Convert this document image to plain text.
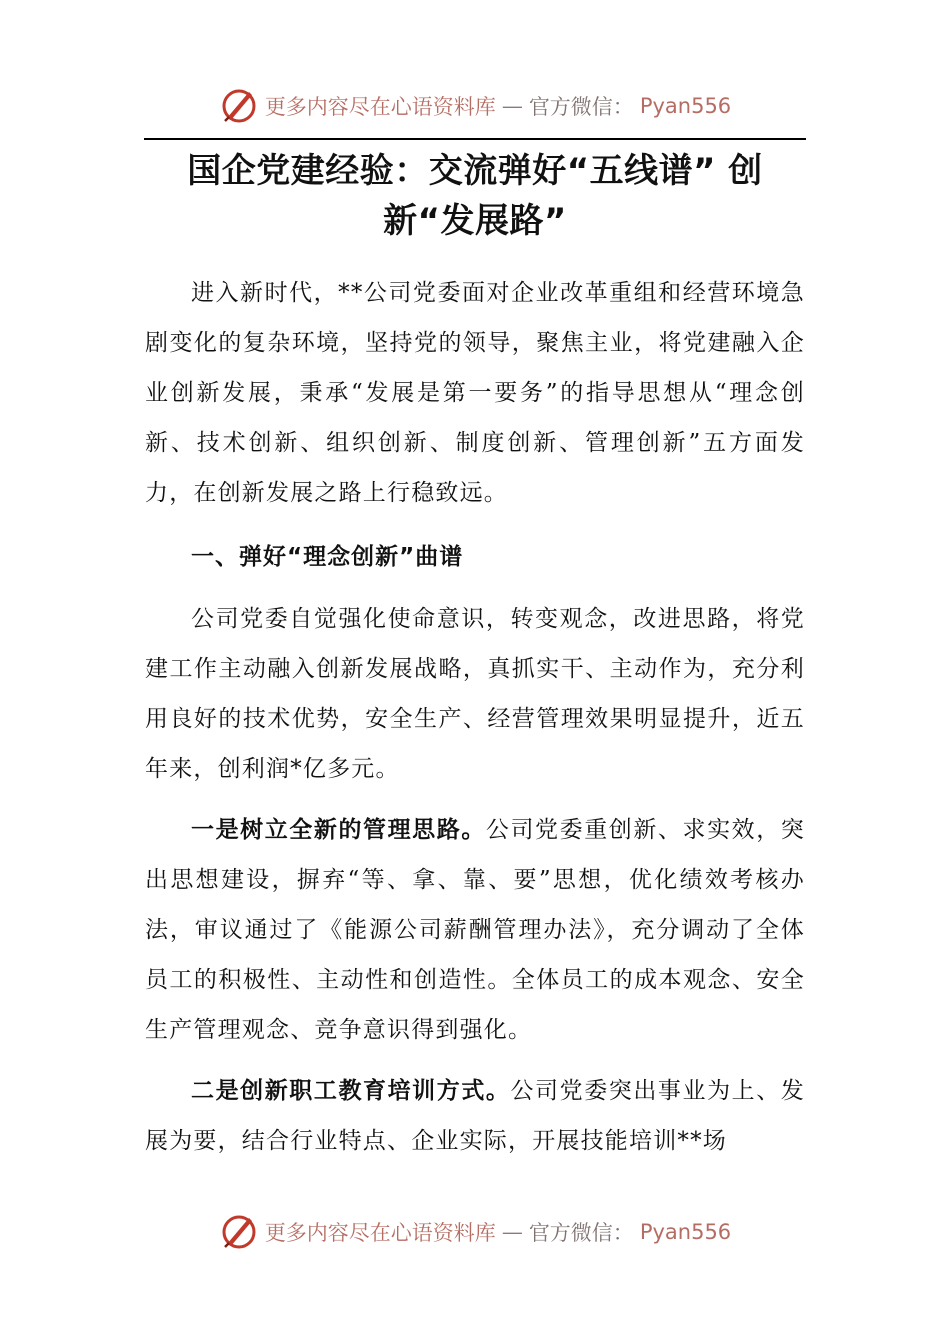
更多内容尽在心语资料库 — 官方微信： Pyan556
国企党建经验：交流弹好“五线谱” 创新“发展路”

进入新时代，**公司党委面对企业改革重组和经营环境急剧变化的复杂环境，坚持党的领导，聚焦主业，将党建融入企业创新发展，秉承“发展是第一要务”的指导思想从“理念创新、技术创新、组织创新、制度创新、管理创新”五方面发力，在创新发展之路上行稳致远。

一、弹好“理念创新”曲谱

公司党委自觉强化使命意识，转变观念，改进思路，将党建工作主动融入创新发展战略，真抓实干、主动作为，充分利用良好的技术优势，安全生产、经营管理效果明显提升，近五年来，创利润*亿多元。

一是树立全新的管理思路。公司党委重创新、求实效，突出思想建设，摒弃“等、拿、靠、要”思想，优化绩效考核办法，审议通过了《能源公司薪酬管理办法》，充分调动了全体员工的积极性、主动性和创造性。全体员工的成本观念、安全生产管理观念、竞争意识得到强化。

二是创新职工教育培训方式。公司党委突出事业为上、发展为要，结合行业特点、企业实际，开展技能培训**场

更多内容尽在心语资料库 — 官方微信： Pyan556
